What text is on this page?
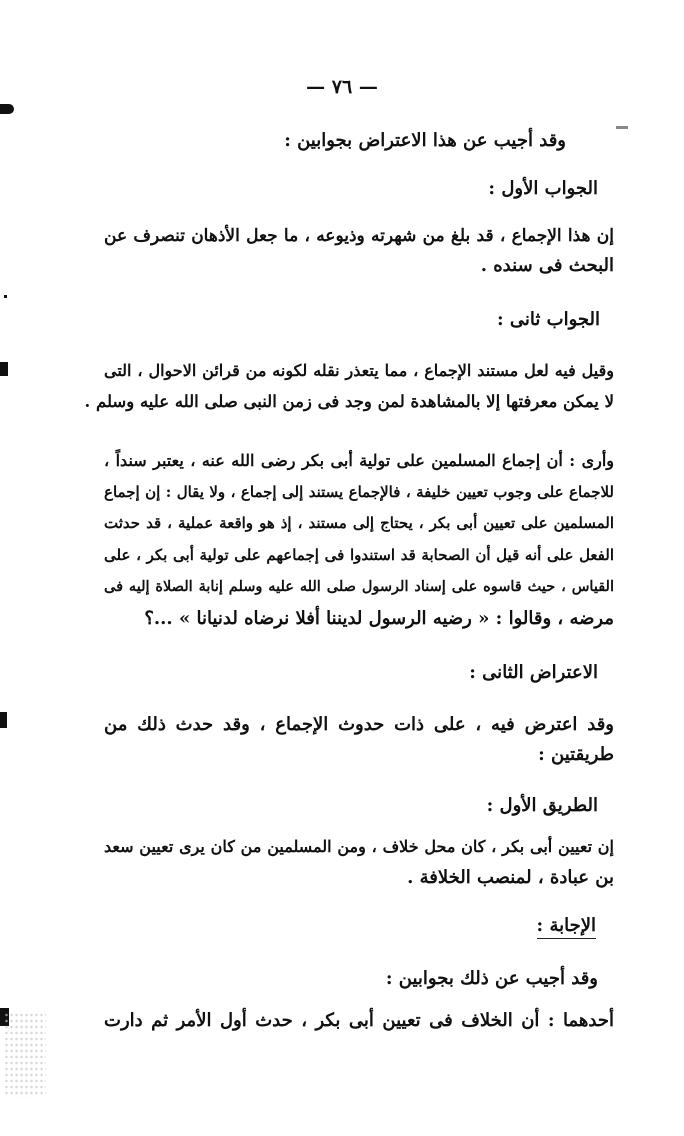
— ٧٦ —
وقد أجيب عن هذا الاعتراض بجوابين :
الجواب الأول :
إن هذا الإجماع ، قد بلغ من شهرته وذيوعه ، ما جعل الأذهان تنصرف عن
البحث فى سنده .
الجواب ثانى :
وقيل فيه لعل مستند الإجماع ، مما يتعذر نقله لكونه من قرائن الاحوال ، التى
لا يمكن معرفتها إلا بالمشاهدة لمن وجد فى زمن النبى صلى الله عليه وسلم .
وأرى : أن إجماع المسلمين على تولية أبى بكر رضى الله عنه ، يعتبر سنداً ،
للاجماع على وجوب تعيين خليفة ، فالإجماع يستند إلى إجماع ، ولا يقال : إن إجماع
المسلمين على تعيين أبى بكر ، يحتاج إلى مستند ، إذ هو واقعة عملية ، قد حدثت
الفعل على أنه قيل أن الصحابة قد استندوا فى إجماعهم على تولية أبى بكر ، على
القياس ، حيث قاسوه على إسناد الرسول صلى الله عليه وسلم إنابة الصلاة إليه فى
مرضه ، وقالوا : « رضيه الرسول لديننا أفلا نرضاه لدنيانا » ...؟
الاعتراض الثانى :
وقد اعترض فيه ، على ذات حدوث الإجماع ، وقد حدث ذلك من
طريقتين :
الطريق الأول :
إن تعيين أبى بكر ، كان محل خلاف ، ومن المسلمين من كان يرى تعيين سعد
بن عبادة ، لمنصب الخلافة .
الإجابة :
وقد أجيب عن ذلك بجوابين :
أحدهما : أن الخلاف فى تعيين أبى بكر ، حدث أول الأمر ثم دارت
